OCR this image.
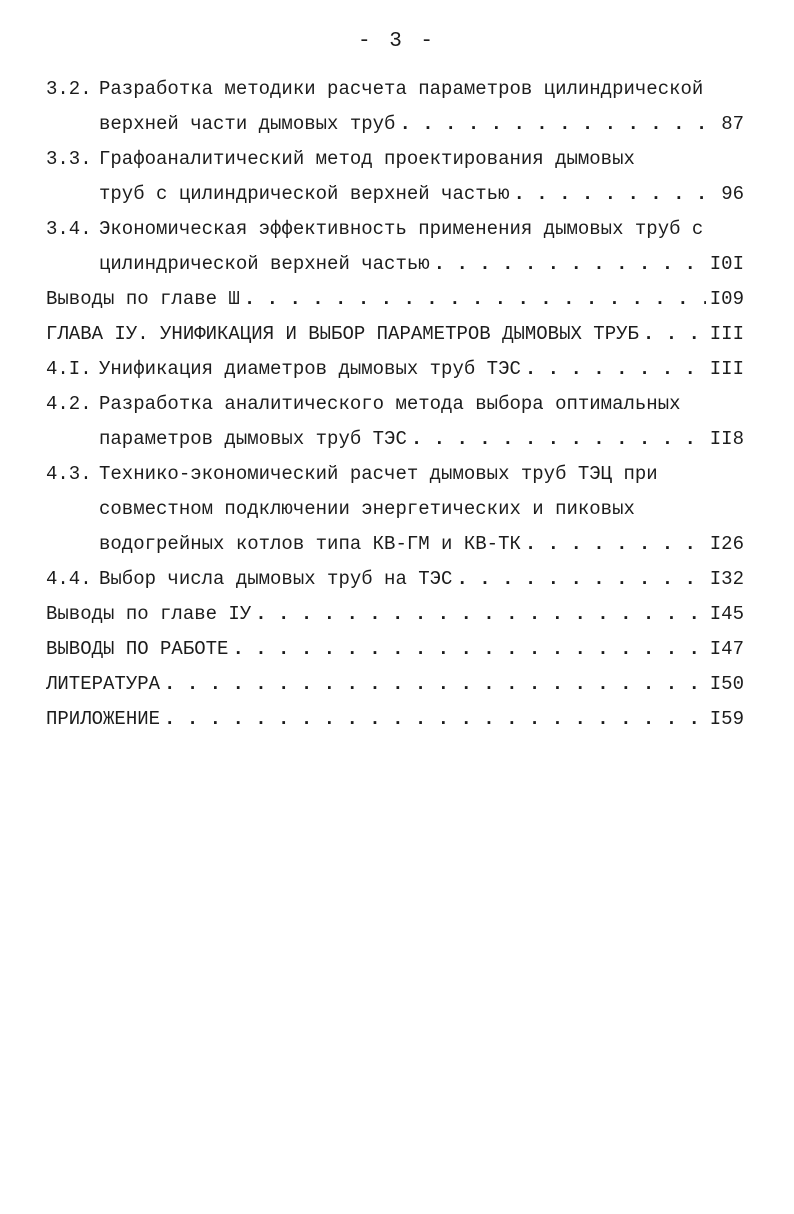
- 3 -
3.2. Разработка методики расчета параметров цилиндрической
верхней части дымовых труб . . .	87
3.3. Графоаналитический метод проектирования дымовых
труб с цилиндрической верхней частью . . .	96
3.4. Экономическая эффективность применения дымовых труб с
цилиндрической верхней частью . . .	I0I
Выводы по главе Ш . . .	I09
ГЛАВА IУ. УНИФИКАЦИЯ И ВЫБОР ПАРАМЕТРОВ ДЫМОВЫХ ТРУБ . . .	III
4.I. Унификация диаметров дымовых труб ТЭС . . .	III
4.2. Разработка аналитического метода выбора оптимальных
параметров дымовых труб ТЭС . . .	II8
4.3. Технико-экономический расчет дымовых труб ТЭЦ при
совместном подключении энергетических и пиковых
водогрейных котлов типа КВ-ГМ и КВ-ТК . . .	I26
4.4. Выбор числа дымовых труб на ТЭС . . .	I32
Выводы по главе IУ . . .	I45
ВЫВОДЫ ПО РАБОТЕ . . .	I47
ЛИТЕРАТУРА . . .	I50
ПРИЛОЖЕНИЕ . . .	I59
